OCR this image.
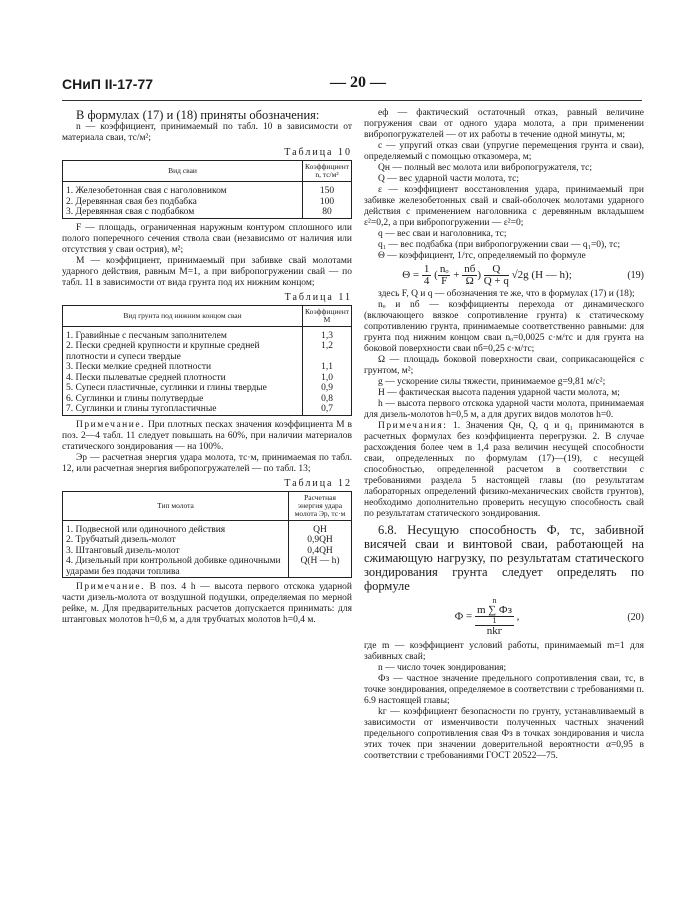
СНиП II-17-77	— 20 —

В формулах (17) и (18) приняты обозначения:

n — коэффициент, принимаемый по табл. 10 в зависимости от материала сваи, тс/м²;

Таблица 10
Вид сваи	Коэффициент n, тс/м²
1. Железобетонная свая с наголовником	150
2. Деревянная свая без подбабка	100
3. Деревянная свая с подбабком	80

F — площадь, ограниченная наружным контуром сплошного или полого поперечного сечения ствола сваи (независимо от наличия или отсутствия у сваи острия), м²;

М — коэффициент, принимаемый при забивке свай молотами ударного действия, равным М=1, а при вибропогружении свай — по табл. 11 в зависимости от вида грунта под их нижним концом;

Таблица 11
Вид грунта под нижним концом сваи	Коэффициент М
1. Гравийные с песчаным заполнителем	1,3
2. Пески средней крупности и крупные средней плотности и супеси твердые	1,2
3. Пески мелкие средней плотности	1,1
4. Пески пылеватые средней плотности	1,0
5. Супеси пластичные, суглинки и глины твердые	0,9
6. Суглинки и глины полутвердые	0,8
7. Суглинки и глины тугопластичные	0,7

Примечание. При плотных песках значения коэффициента М в поз. 2—4 табл. 11 следует повышать на 60%, при наличии материалов статического зондирования — на 100%.

Эр — расчетная энергия удара молота, тс·м, принимаемая по табл. 12, или расчетная энергия вибропогружателей — по табл. 13;

Таблица 12
Тип молота	Расчетная энергия удара молота Эр, тс·м
1. Подвесной или одиночного действия	QH
2. Трубчатый дизель-молот	0,9QH
3. Штанговый дизель-молот	0,4QH
4. Дизельный при контрольной добивке одиночными ударами без подачи топлива	Q(H — h)

Примечание. В поз. 4 h — высота первого отскока ударной части дизель-молота от воздушной подушки, определяемая по мерной рейке, м. Для предварительных расчетов допускается принимать: для штанговых молотов h=0,6 м, а для трубчатых молотов h=0,4 м.

eф — фактический остаточный отказ, равный величине погружения сваи от одного удара молота, а при применении вибропогружателей — от их работы в течение одной минуты, м;

c — упругий отказ сваи (упругие перемещения грунта и сваи), определяемый с помощью отказомера, м;

Qн — полный вес молота или вибропогружателя, тс;

Q — вес ударной части молота, тс;

ε — коэффициент восстановления удара, принимаемый при забивке железобетонных свай и свай-оболочек молотами ударного действия с применением наголовника с деревянным вкладышем ε²=0,2, а при вибропогружении — ε²=0;

q — вес сваи и наголовника, тс;

q₁ — вес подбабка (при вибропогружении сваи — q₁=0), тс;

Θ — коэффициент, 1/тс, определяемый по формуле

$\Theta = \frac{1}{4}$ ( $\frac{\text{nₒ}}{F} + \frac{nб}{\Omega}$ ) $\frac{Q}{Q + q} √2g$ (H — h);	(19)

здесь F, Q и q — обозначения те же, что в формулах (17) и (18);

nₒ и nб — коэффициенты перехода от динамического (включающего вязкое сопротивление грунта) к статическому сопротивлению грунта, принимаемые соответственно равными: для грунта под нижним концом сваи nₒ=0,0025 с·м/тс и для грунта на боковой поверхности сваи nб=0,25 с·м/тс;

Ω — площадь боковой поверхности сваи, соприкасающейся с грунтом, м²;

g — ускорение силы тяжести, принимаемое g=9,81 м/с²;

H — фактическая высота падения ударной части молота, м;

h — высота первого отскока ударной части молота, принимаемая для дизель-молотов h=0,5 м, а для других видов молотов h=0.

Примечания: 1. Значения Qн, Q, q и q₁ принимаются в расчетных формулах без коэффициента перегрузки. 2. В случае расхождения более чем в 1,4 раза величин несущей способности сваи, определенных по формулам (17)—(19), с несущей способностью, определенной расчетом в соответствии с требованиями раздела 5 настоящей главы (по результатам лабораторных определений физико-механических свойств грунтов), необходимо дополнительно проверить несущую способность свай по результатам статического зондирования.

6.8. Несущую способность Ф, тс, забивной висячей сваи и винтовой сваи, работающей на сжимающую нагрузку, по результатам статического зондирования грунта следует определять по формуле

Ф =
n
m ∑ Фз
1
nkг
,	(20)

где m — коэффициент условий работы, принимаемый m=1 для забивных свай;

n — число точек зондирования;

Фз — частное значение предельного сопротивления сваи, тс, в точке зондирования, определяемое в соответствии с требованиями п. 6.9 настоящей главы;

kг — коэффициент безопасности по грунту, устанавливаемый в зависимости от изменчивости полученных частных значений предельного сопротивления свая Фз в точках зондирования и числа этих точек при значении доверительной вероятности α=0,95 в соответствии с требованиями ГОСТ 20522—75.
